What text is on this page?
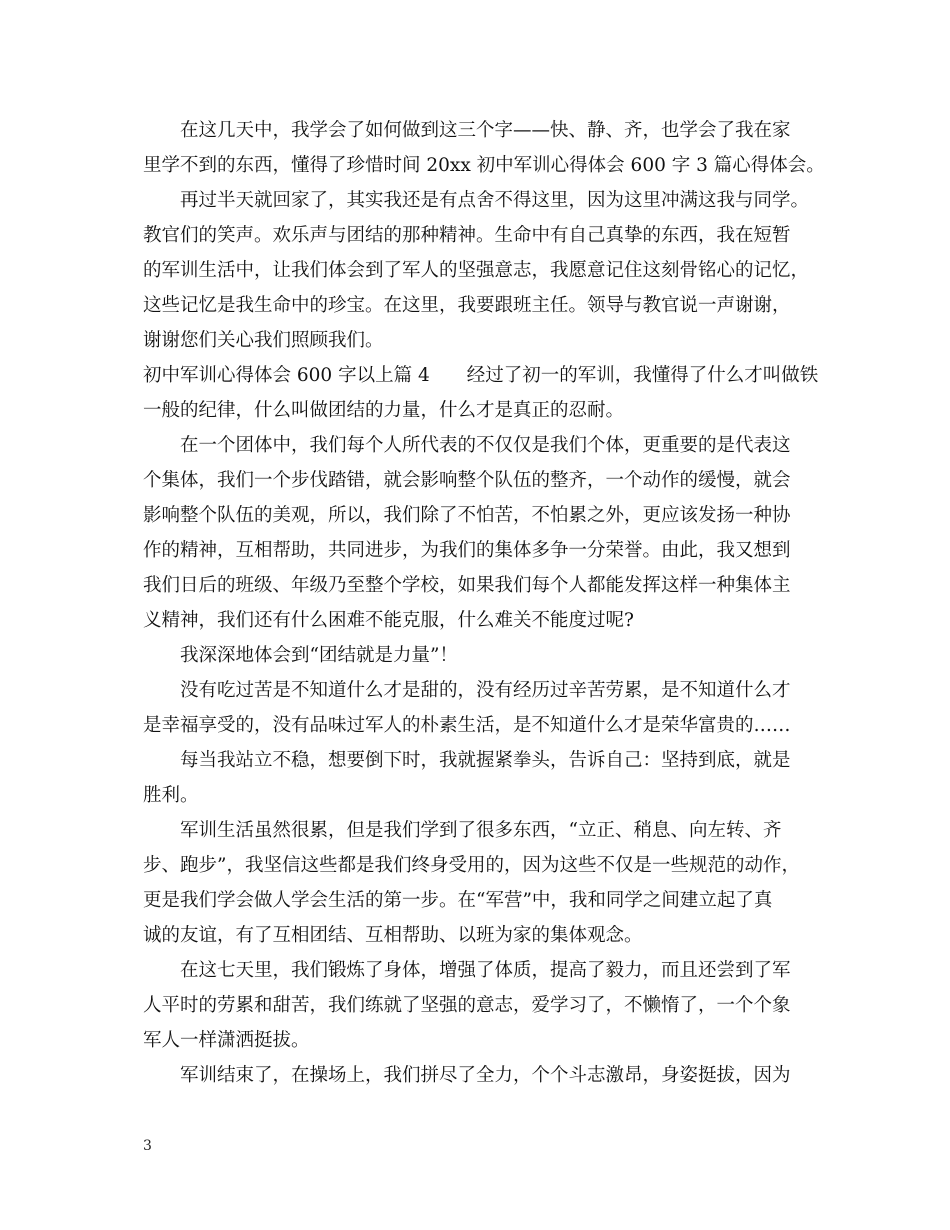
在这几天中，我学会了如何做到这三个字——快、静、齐，也学会了我在家
里学不到的东西，懂得了珍惜时间 20xx 初中军训心得体会 600 字 3 篇心得体会。
再过半天就回家了，其实我还是有点舍不得这里，因为这里冲满这我与同学。
教官们的笑声。欢乐声与团结的那种精神。生命中有自己真挚的东西，我在短暂
的军训生活中，让我们体会到了军人的坚强意志，我愿意记住这刻骨铭心的记忆，
这些记忆是我生命中的珍宝。在这里，我要跟班主任。领导与教官说一声谢谢，
谢谢您们关心我们照顾我们。
初中军训心得体会 600 字以上篇 4　　经过了初一的军训，我懂得了什么才叫做铁
一般的纪律，什么叫做团结的力量，什么才是真正的忍耐。
在一个团体中，我们每个人所代表的不仅仅是我们个体，更重要的是代表这
个集体，我们一个步伐踏错，就会影响整个队伍的整齐，一个动作的缓慢，就会
影响整个队伍的美观，所以，我们除了不怕苦，不怕累之外，更应该发扬一种协
作的精神，互相帮助，共同进步，为我们的集体多争一分荣誉。由此，我又想到
我们日后的班级、年级乃至整个学校，如果我们每个人都能发挥这样一种集体主
义精神，我们还有什么困难不能克服，什么难关不能度过呢?
我深深地体会到“团结就是力量”！
没有吃过苦是不知道什么才是甜的，没有经历过辛苦劳累，是不知道什么才
是幸福享受的，没有品味过军人的朴素生活，是不知道什么才是荣华富贵的……
每当我站立不稳，想要倒下时，我就握紧拳头，告诉自己：坚持到底，就是
胜利。
军训生活虽然很累，但是我们学到了很多东西，“立正、稍息、向左转、齐
步、跑步”，我坚信这些都是我们终身受用的，因为这些不仅是一些规范的动作，
更是我们学会做人学会生活的第一步。在“军营”中，我和同学之间建立起了真
诚的友谊，有了互相团结、互相帮助、以班为家的集体观念。
在这七天里，我们锻炼了身体，增强了体质，提高了毅力，而且还尝到了军
人平时的劳累和甜苦，我们练就了坚强的意志，爱学习了，不懒惰了，一个个象
军人一样潇洒挺拔。
军训结束了，在操场上，我们拼尽了全力，个个斗志激昂，身姿挺拔，因为
3
